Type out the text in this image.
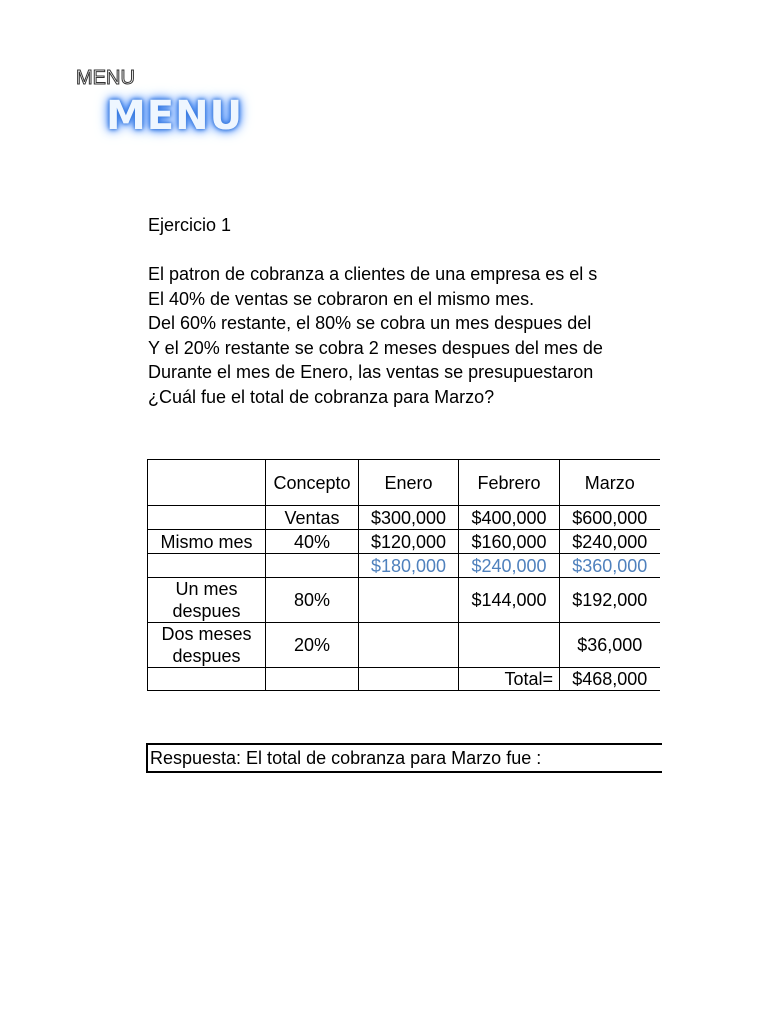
MENU
MENU
Ejercicio 1
El patron de cobranza a clientes de una empresa es el s
El 40% de ventas se cobraron en el mismo mes.
Del 60% restante, el 80% se cobra un mes despues del
Y el 20% restante se cobra 2 meses despues del mes de
Durante el mes de Enero, las ventas se presupuestaron
¿Cuál fue el total de cobranza para Marzo?
	Concepto	Enero	Febrero	Marzo
	Ventas	$300,000	$400,000	$600,000
Mismo mes	40%	$120,000	$160,000	$240,000
		$180,000	$240,000	$360,000
Un mes despues	80%		$144,000	$192,000
Dos meses despues	20%			$36,000
			Total=	$468,000
Respuesta: El total de cobranza para Marzo fue :
